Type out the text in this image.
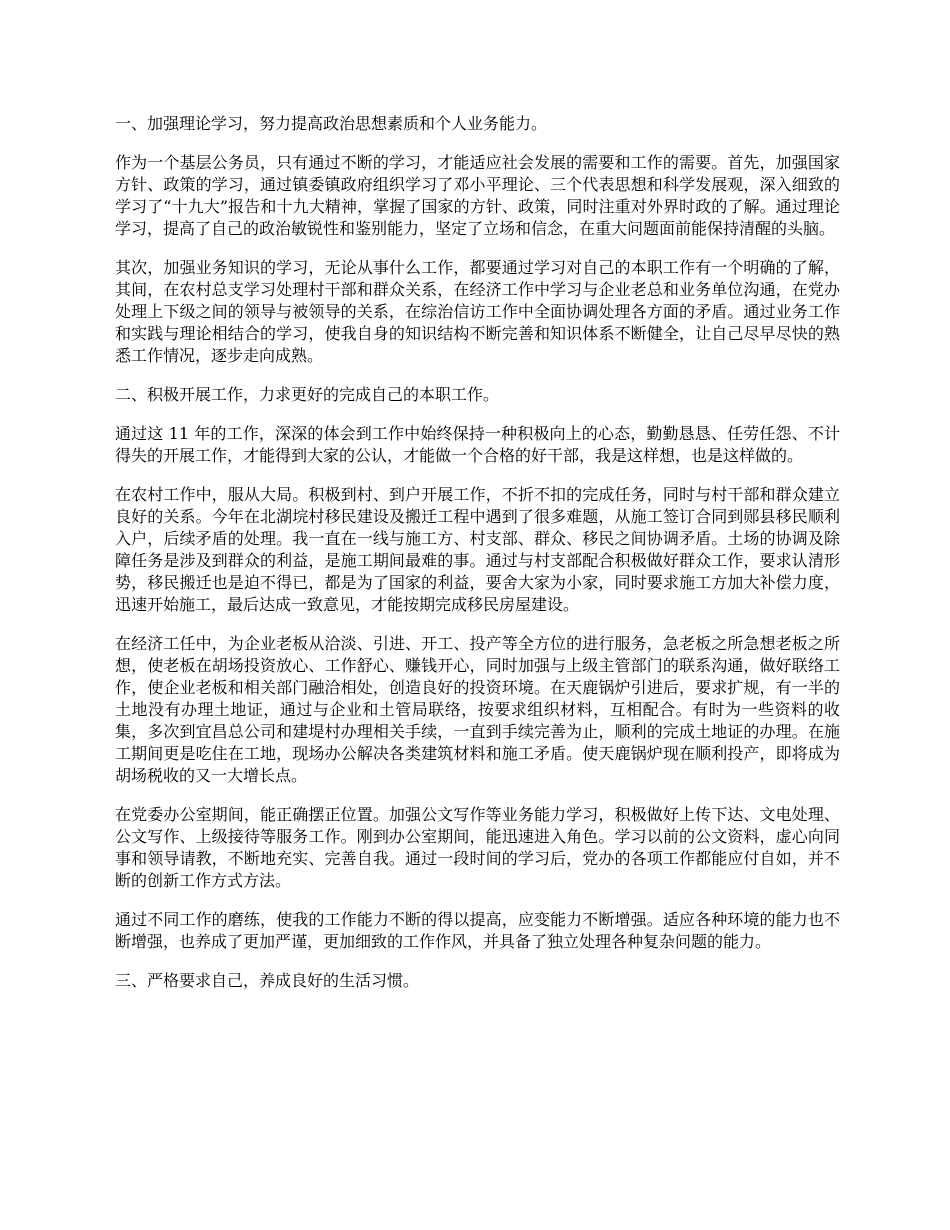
一、加强理论学习，努力提高政治思想素质和个人业务能力。

作为一个基层公务员，只有通过不断的学习，才能适应社会发展的需要和工作的需要。首先，加强国家方针、政策的学习，通过镇委镇政府组织学习了邓小平理论、三个代表思想和科学发展观，深入细致的学习了“十九大”报告和十九大精神，掌握了国家的方针、政策，同时注重对外界时政的了解。通过理论学习，提高了自己的政治敏锐性和鉴别能力，坚定了立场和信念，在重大问题面前能保持清醒的头脑。

其次，加强业务知识的学习，无论从事什么工作，都要通过学习对自己的本职工作有一个明确的了解，其间，在农村总支学习处理村干部和群众关系，在经济工作中学习与企业老总和业务单位沟通，在党办处理上下级之间的领导与被领导的关系，在综治信访工作中全面协调处理各方面的矛盾。通过业务工作和实践与理论相结合的学习，使我自身的知识结构不断完善和知识体系不断健全，让自己尽早尽快的熟悉工作情况，逐步走向成熟。

二、积极开展工作，力求更好的完成自己的本职工作。

通过这 11 年的工作，深深的体会到工作中始终保持一种积极向上的心态，勤勤恳恳、任劳任怨、不计得失的开展工作，才能得到大家的公认，才能做一个合格的好干部，我是这样想，也是这样做的。

在农村工作中，服从大局。积极到村、到户开展工作，不折不扣的完成任务，同时与村干部和群众建立良好的关系。今年在北湖垸村移民建设及搬迁工程中遇到了很多难题，从施工签订合同到郧县移民顺利入户，后续矛盾的处理。我一直在一线与施工方、村支部、群众、移民之间协调矛盾。土场的协调及除障任务是涉及到群众的利益，是施工期间最难的事。通过与村支部配合积极做好群众工作，要求认清形势，移民搬迁也是迫不得已，都是为了国家的利益，要舍大家为小家，同时要求施工方加大补偿力度，迅速开始施工，最后达成一致意见，才能按期完成移民房屋建设。

在经济工任中，为企业老板从洽淡、引进、开工、投产等全方位的进行服务，急老板之所急想老板之所想，使老板在胡场投资放心、工作舒心、赚钱开心，同时加强与上级主管部门的联系沟通，做好联络工作，使企业老板和相关部门融洽相处，创造良好的投资环境。在天鹿锅炉引进后，要求扩规，有一半的土地没有办理土地证，通过与企业和土管局联络，按要求组织材料，互相配合。有时为一些资料的收集，多次到宜昌总公司和建堤村办理相关手续，一直到手续完善为止，顺利的完成土地证的办理。在施工期间更是吃住在工地，现场办公解决各类建筑材料和施工矛盾。使天鹿锅炉现在顺利投产，即将成为胡场税收的又一大增长点。

在党委办公室期间，能正确摆正位置。加强公文写作等业务能力学习，积极做好上传下达、文电处理、公文写作、上级接待等服务工作。刚到办公室期间，能迅速进入角色。学习以前的公文资料，虚心向同事和领导请教，不断地充实、完善自我。通过一段时间的学习后，党办的各项工作都能应付自如，并不断的创新工作方式方法。

通过不同工作的磨练，使我的工作能力不断的得以提高，应变能力不断增强。适应各种环境的能力也不断增强，也养成了更加严谨，更加细致的工作作风，并具备了独立处理各种复杂问题的能力。

三、严格要求自己，养成良好的生活习惯。
